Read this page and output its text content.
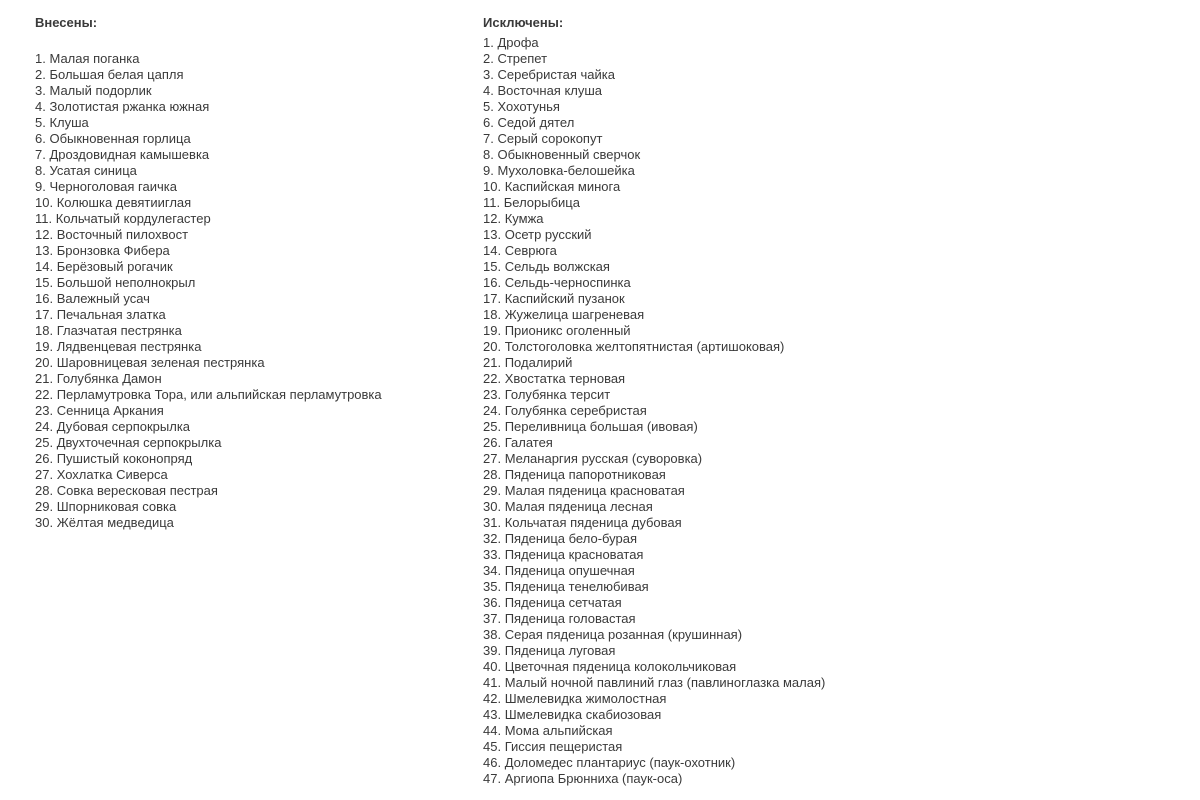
Внесены:

Малая поганка
Большая белая цапля
Малый подорлик
Золотистая ржанка южная
Клуша
Обыкновенная горлица
Дроздовидная камышевка
Усатая синица
Черноголовая гаичка
Колюшка девятииглая
Кольчатый кордулегастер
Восточный пилохвост
Бронзовка Фибера
Берёзовый рогачик
Большой неполнокрыл
Валежный усач
Печальная златка
Глазчатая пестрянка
Лядвенцевая пестрянка
Шаровницевая зеленая пестрянка
Голубянка Дамон
Перламутровка Тора, или альпийская перламутровка
Сенница Аркания
Дубовая серпокрылка
Двухточечная серпокрылка
Пушистый коконопряд
Хохлатка Сиверса
Совка вересковая пестрая
Шпорниковая совка
Жёлтая медведица

Исключены:

Дрофа
Стрепет
Серебристая чайка
Восточная клуша
Хохотунья
Седой дятел
Серый сорокопут
Обыкновенный сверчок
Мухоловка-белошейка
Каспийская минога
Белорыбица
Кумжа
Осетр русский
Севрюга
Сельдь волжская
Сельдь-черноспинка
Каспийский пузанок
Жужелица шагреневая
Прионикс оголенный
Толстоголовка желтопятнистая (артишоковая)
Подалирий
Хвостатка терновая
Голубянка терсит
Голубянка серебристая
Переливница большая (ивовая)
Галатея
Меланаргия русская (суворовка)
Пяденица папоротниковая
Малая пяденица красноватая
Малая пяденица лесная
Кольчатая пяденица дубовая
Пяденица бело-бурая
Пяденица красноватая
Пяденица опушечная
Пяденица тенелюбивая
Пяденица сетчатая
Пяденица головастая
Серая пяденица розанная (крушинная)
Пяденица луговая
Цветочная пяденица колокольчиковая
Малый ночной павлиний глаз (павлиноглазка малая)
Шмелевидка жимолостная
Шмелевидка скабиозовая
Мома альпийская
Гиссия пещеристая
Доломедес плантариус (паук-охотник)
Аргиопа Брюнниха (паук-оса)
